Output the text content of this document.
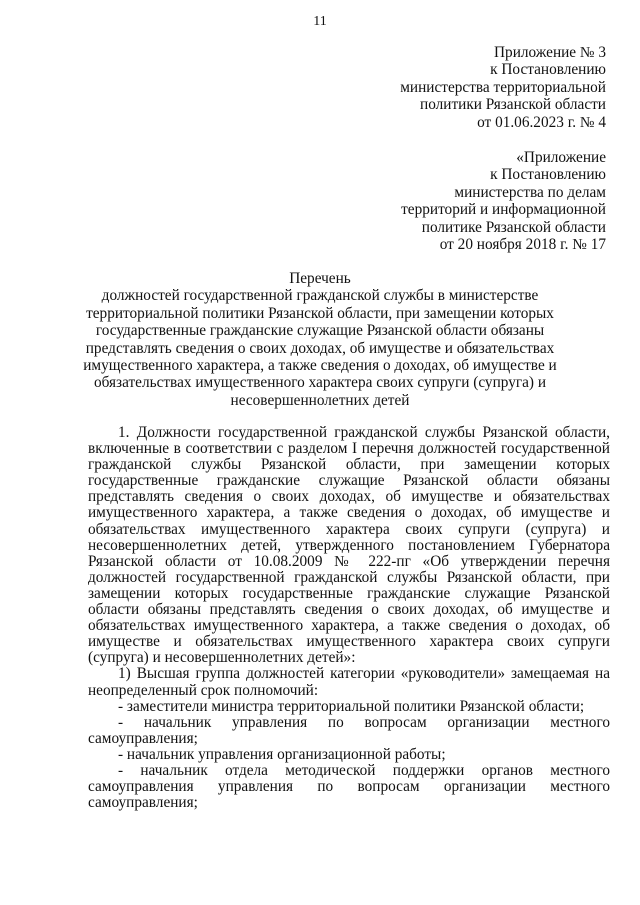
11
Приложение № 3
к Постановлению
министерства территориальной
политики Рязанской области
от 01.06.2023 г. № 4
«Приложение
к Постановлению
министерства по делам
территорий и информационной
политике Рязанской области
от 20 ноября 2018 г. № 17
Перечень
должностей государственной гражданской службы в министерстве
территориальной политики Рязанской области, при замещении которых
государственные гражданские служащие Рязанской области обязаны
представлять сведения о своих доходах, об имуществе и обязательствах
имущественного характера, а также сведения о доходах, об имуществе и
обязательствах имущественного характера своих супруги (супруга) и
несовершеннолетних детей

1. Должности государственной гражданской службы Рязанской области, включенные в соответствии с разделом I перечня должностей государственной гражданской службы Рязанской области, при замещении которых государственные гражданские служащие Рязанской области обязаны представлять сведения о своих доходах, об имуществе и обязательствах имущественного характера, а также сведения о доходах, об имуществе и обязательствах имущественного характера своих супруги (супруга) и несовершеннолетних детей, утвержденного постановлением Губернатора Рязанской области от 10.08.2009 № 222-пг «Об утверждении перечня должностей государственной гражданской службы Рязанской области, при замещении которых государственные гражданские служащие Рязанской области обязаны представлять сведения о своих доходах, об имуществе и обязательствах имущественного характера, а также сведения о доходах, об имуществе и обязательствах имущественного характера своих супруги (супруга) и несовершеннолетних детей»:

1) Высшая группа должностей категории «руководители» замещаемая на неопределенный срок полномочий:

- заместители министра территориальной политики Рязанской области;

- начальник управления по вопросам организации местного самоуправления;

- начальник управления организационной работы;

- начальник отдела методической поддержки органов местного самоуправления управления по вопросам организации местного самоуправления;
